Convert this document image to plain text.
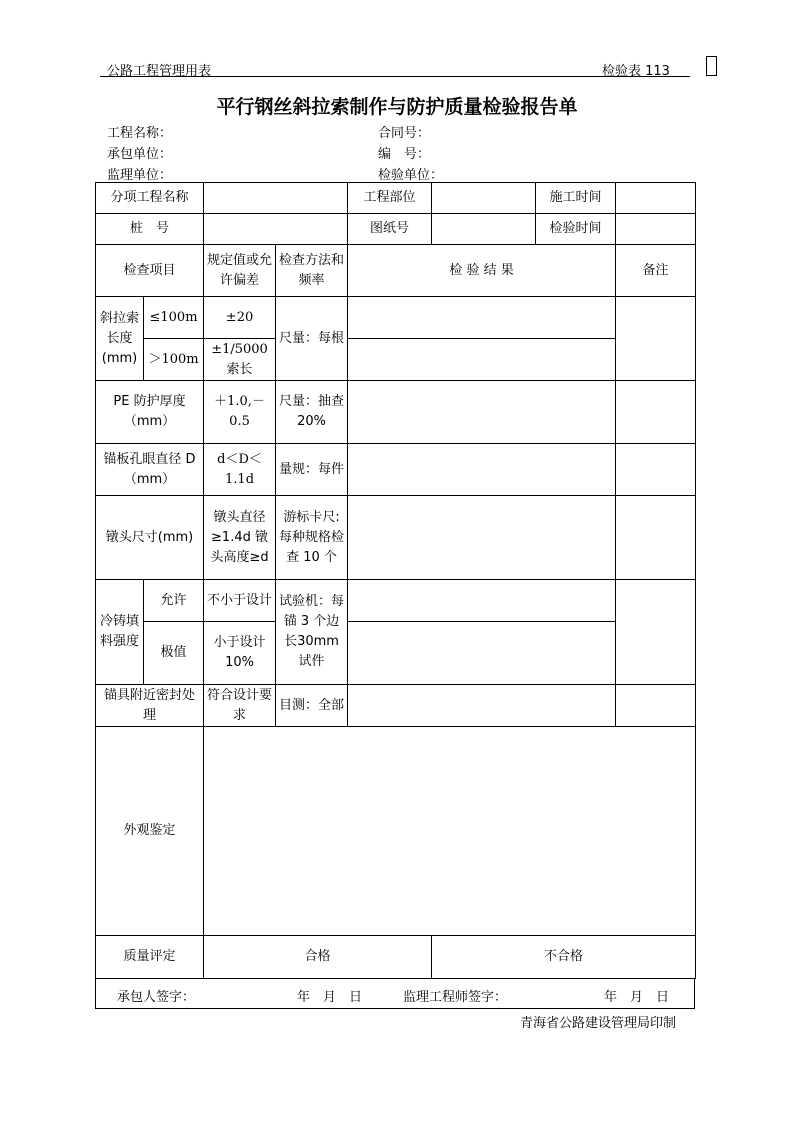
公路工程管理用表	检验表 113
平行钢丝斜拉索制作与防护质量检验报告单
工程名称：	合同号：
承包单位：	编　号：
监理单位：	检验单位：
分项工程名称				工程部位		施工时间	
桩　号				图纸号		检验时间	
检查项目		规定值或允许偏差	检查方法和频率	检 验 结 果			备注
斜拉索长度(mm)	≤100m	±20	尺量：每根				
	＞100m	±1/5000索长					
PE 防护厚度（mm）		＋1.0,－0.5	尺量：抽查 20%				
锚板孔眼直径 D（mm）		d＜D＜1.1d	量规：每件				
镦头尺寸(mm)		镦头直径≥1.4d 镦头高度≥d	游标卡尺:每种规格检查 10 个				
冷铸填料强度	允许	不小于设计	试验机：每锚 3 个边　长30mm 试件				
	极值	小于设计10%					
锚具附近密封处理		符合设计要求	目测：全部				
外观鉴定							
质量评定		合格			不合格		
承包人签字：	年　月　日	监理工程师签字：	年　月　日
青海省公路建设管理局印制
